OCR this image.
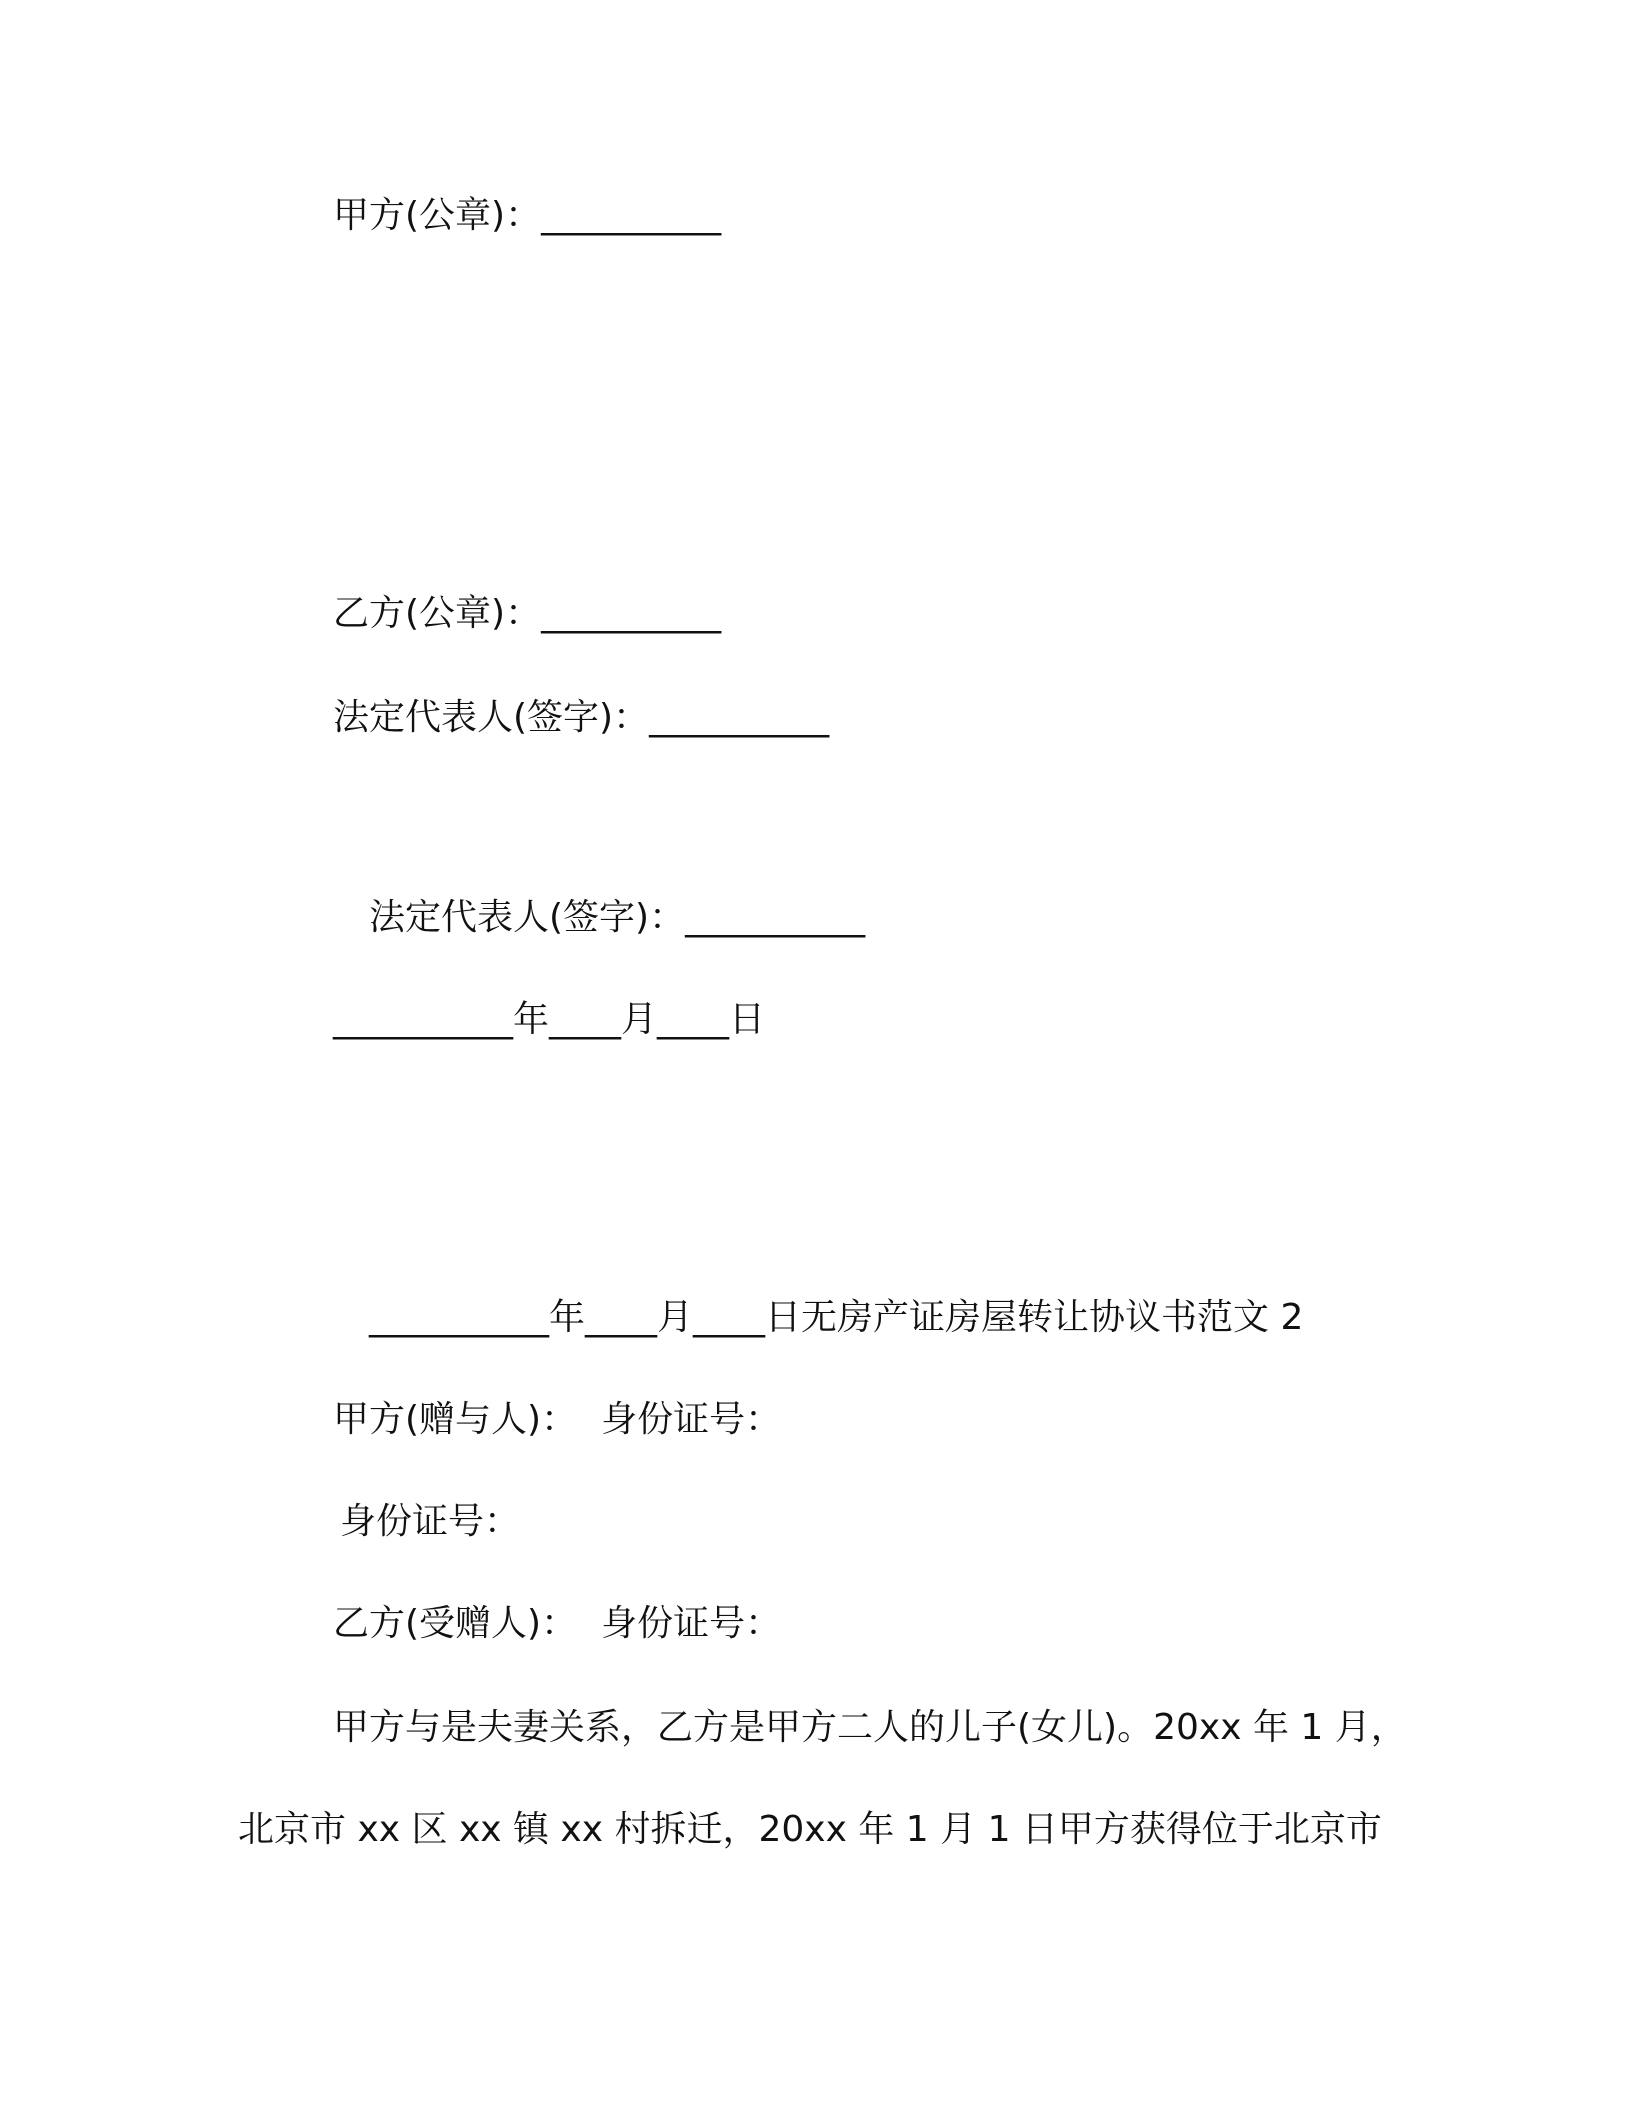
甲方(公章)：__________
乙方(公章)：__________
法定代表人(签字)：__________
法定代表人(签字)：__________
__________年____月____日
__________年____月____日无房产证房屋转让协议书范文 2
甲方(赠与人)： 身份证号：
身份证号：
乙方(受赠人)： 身份证号：
甲方与是夫妻关系，乙方是甲方二人的儿子(女儿)。20xx 年 1 月，
北京市 xx 区 xx 镇 xx 村拆迁，20xx 年 1 月 1 日甲方获得位于北京市
